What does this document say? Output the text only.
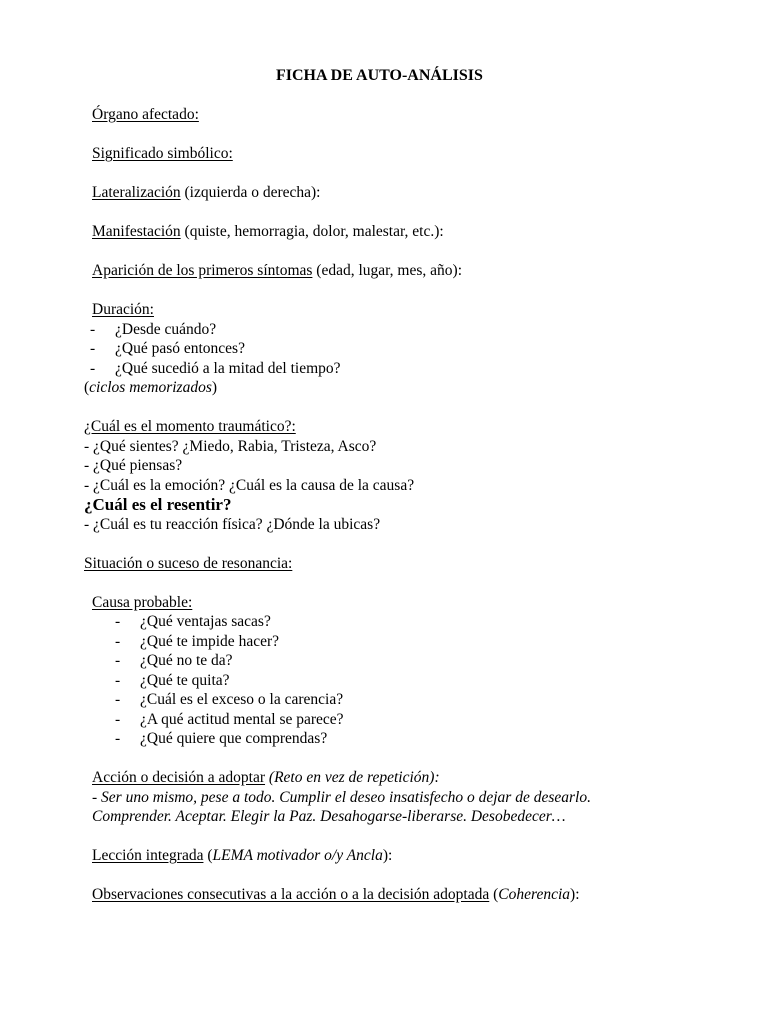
FICHA DE AUTO-ANÁLISIS
Órgano afectado:
Significado simbólico:
Lateralización (izquierda o derecha):
Manifestación (quiste, hemorragia, dolor, malestar, etc.):
Aparición de los primeros síntomas (edad, lugar, mes, año):
Duración:
- ¿Desde cuándo?
- ¿Qué pasó entonces?
- ¿Qué sucedió a la mitad del tiempo?
(ciclos memorizados)
¿Cuál es el momento traumático?:
- ¿Qué sientes? ¿Miedo, Rabia, Tristeza, Asco?
- ¿Qué piensas?
- ¿Cuál es la emoción? ¿Cuál es la causa de la causa?
¿Cuál es el resentir?
- ¿Cuál es tu reacción física? ¿Dónde la ubicas?
Situación o suceso de resonancia:
Causa probable:
- ¿Qué ventajas sacas?
- ¿Qué te impide hacer?
- ¿Qué no te da?
- ¿Qué te quita?
- ¿Cuál es el exceso o la carencia?
- ¿A qué actitud mental se parece?
- ¿Qué quiere que comprendas?
Acción o decisión a adoptar (Reto en vez de repetición):
- Ser uno mismo, pese a todo. Cumplir el deseo insatisfecho o dejar de desearlo.
Comprender. Aceptar. Elegir la Paz. Desahogarse-liberarse. Desobedecer…
Lección integrada (LEMA motivador o/y Ancla):
Observaciones consecutivas a la acción o a la decisión adoptada (Coherencia):
